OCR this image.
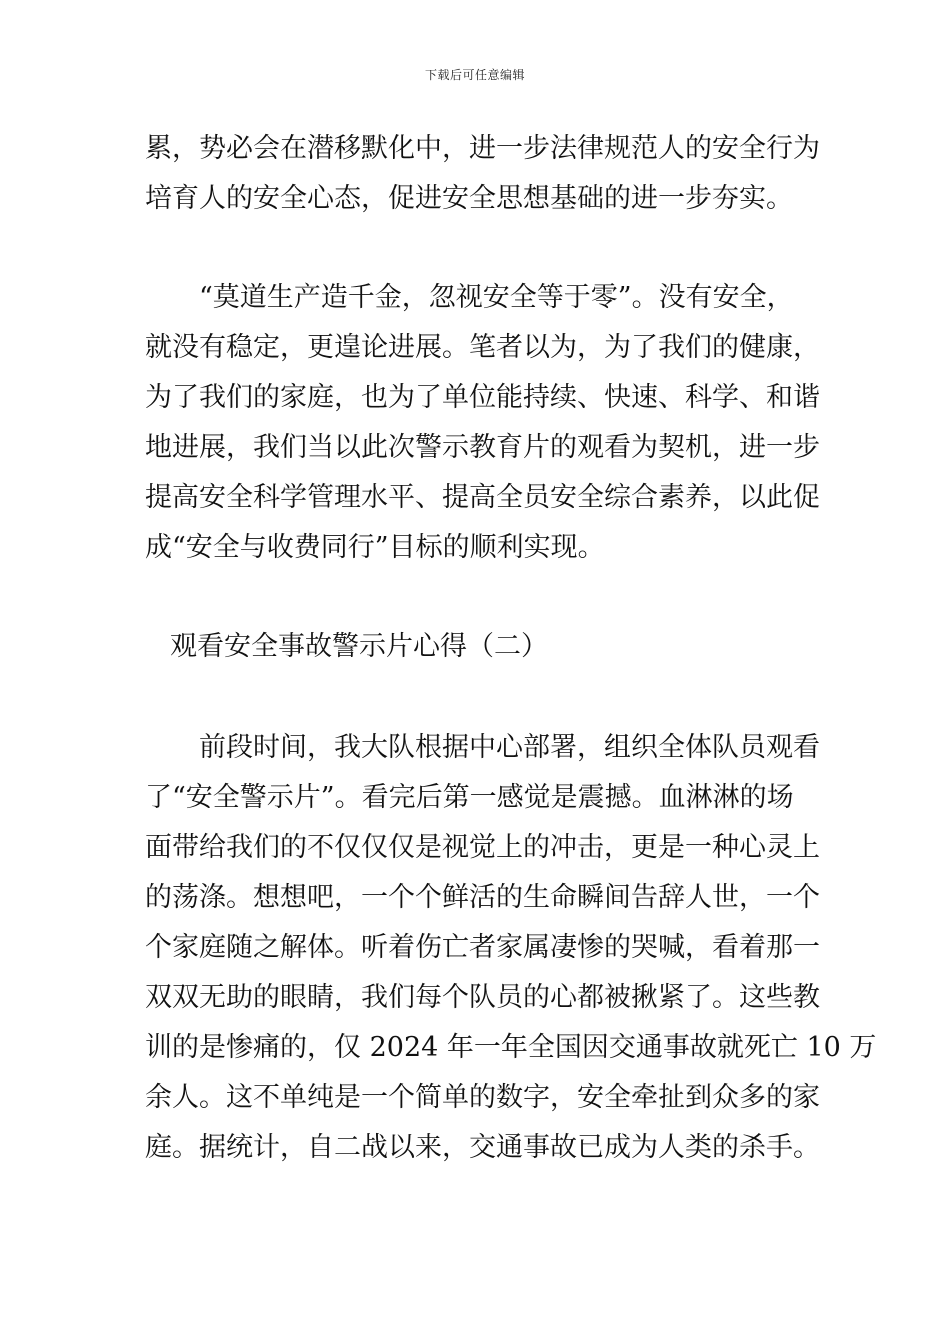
下载后可任意编辑
累，势必会在潜移默化中，进一步法律规范人的安全行为
培育人的安全心态，促进安全思想基础的进一步夯实。
“莫道生产造千金，忽视安全等于零”。没有安全，
就没有稳定，更遑论进展。笔者以为，为了我们的健康，
为了我们的家庭，也为了单位能持续、快速、科学、和谐
地进展，我们当以此次警示教育片的观看为契机，进一步
提高安全科学管理水平、提高全员安全综合素养，以此促
成“安全与收费同行”目标的顺利实现。
观看安全事故警示片心得（二）
前段时间，我大队根据中心部署，组织全体队员观看
了“安全警示片”。看完后第一感觉是震撼。血淋淋的场
面带给我们的不仅仅仅是视觉上的冲击，更是一种心灵上
的荡涤。想想吧，一个个鲜活的生命瞬间告辞人世，一个
个家庭随之解体。听着伤亡者家属凄惨的哭喊，看着那一
双双无助的眼睛，我们每个队员的心都被揪紧了。这些教
训的是惨痛的，仅 2024 年一年全国因交通事故就死亡 10 万
余人。这不单纯是一个简单的数字，安全牵扯到众多的家
庭。据统计，自二战以来，交通事故已成为人类的杀手。
